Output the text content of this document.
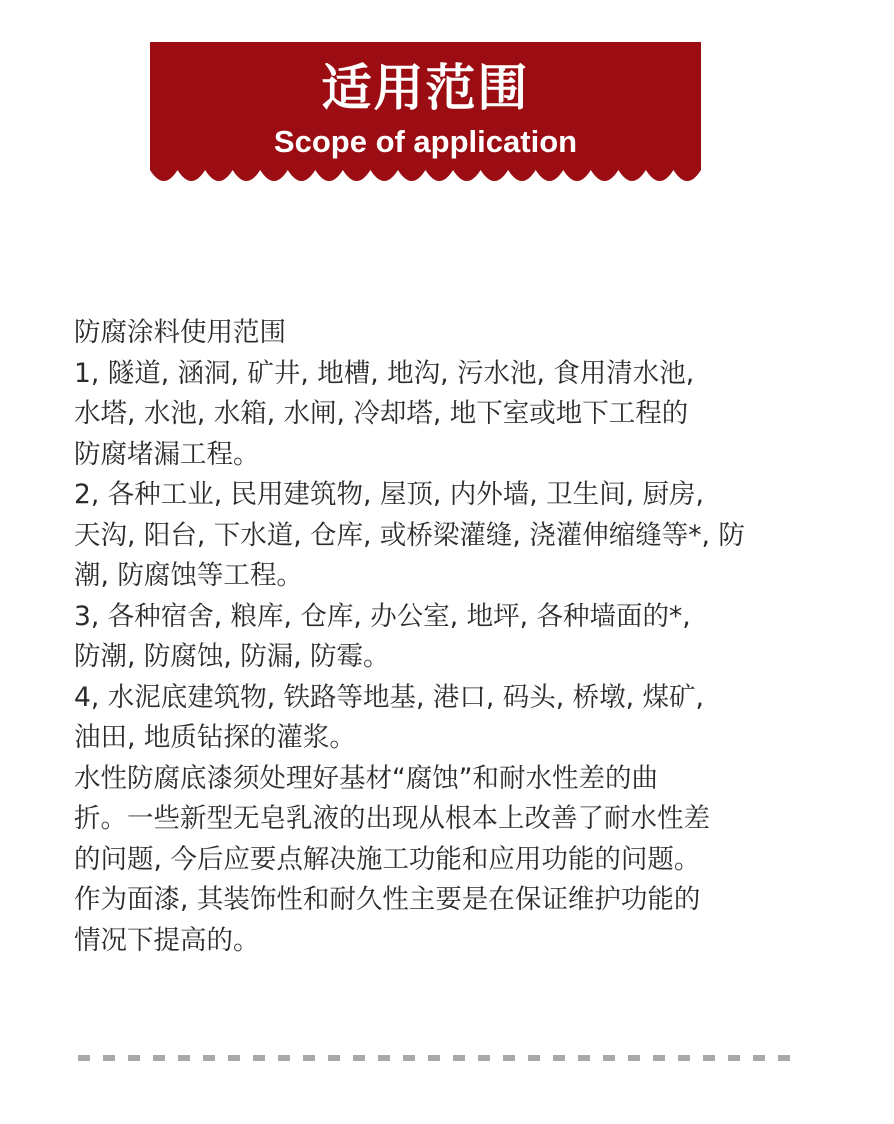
适用范围
Scope of application
防腐涂料使用范围
1, 隧道, 涵洞, 矿井, 地槽, 地沟, 污水池, 食用清水池,
水塔, 水池, 水箱, 水闸, 冷却塔, 地下室或地下工程的
防腐堵漏工程。
2, 各种工业, 民用建筑物, 屋顶, 内外墙, 卫生间, 厨房,
天沟, 阳台, 下水道, 仓库, 或桥梁灌缝, 浇灌伸缩缝等*, 防
潮, 防腐蚀等工程。
3, 各种宿舍, 粮库, 仓库, 办公室, 地坪, 各种墙面的*,
防潮, 防腐蚀, 防漏, 防霉。
4, 水泥底建筑物, 铁路等地基, 港口, 码头, 桥墩, 煤矿,
油田, 地质钻探的灌浆。
水性防腐底漆须处理好基材“腐蚀”和耐水性差的曲
折。一些新型无皂乳液的出现从根本上改善了耐水性差
的问题, 今后应要点解决施工功能和应用功能的问题。
作为面漆, 其装饰性和耐久性主要是在保证维护功能的
情况下提高的。
